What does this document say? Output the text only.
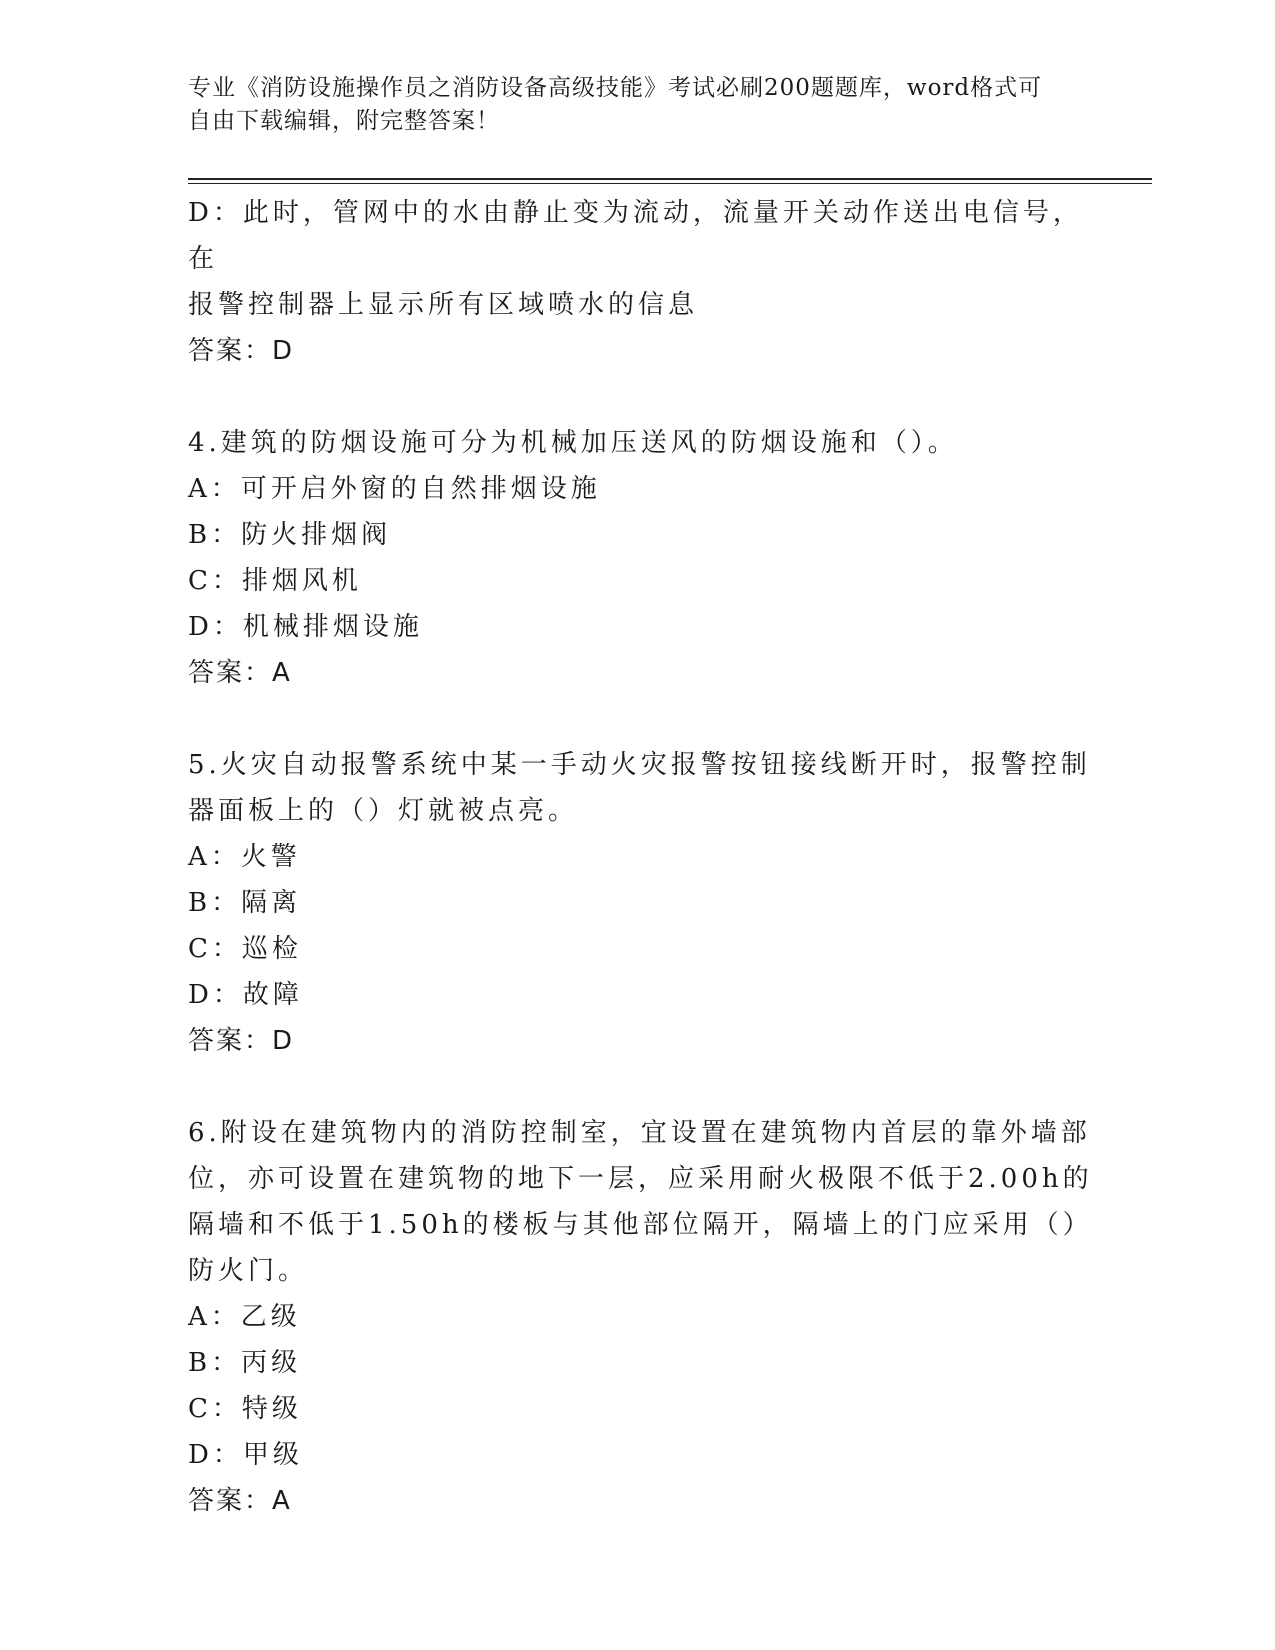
专业《消防设施操作员之消防设备高级技能》考试必刷200题题库，word格式可
自由下载编辑，附完整答案！

D：此时，管网中的水由静止变为流动，流量开关动作送出电信号，在

报警控制器上显示所有区域喷水的信息

答案：D

4.建筑的防烟设施可分为机械加压送风的防烟设施和（）。

A：可开启外窗的自然排烟设施

B：防火排烟阀

C：排烟风机

D：机械排烟设施

答案：A

5.火灾自动报警系统中某一手动火灾报警按钮接线断开时，报警控制

器面板上的（）灯就被点亮。

A：火警

B：隔离

C：巡检

D：故障

答案：D

6.附设在建筑物内的消防控制室，宜设置在建筑物内首层的靠外墙部

位，亦可设置在建筑物的地下一层，应采用耐火极限不低于2.00h的

隔墙和不低于1.50h的楼板与其他部位隔开，隔墙上的门应采用（）

防火门。

A：乙级

B：丙级

C：特级

D：甲级

答案：A
